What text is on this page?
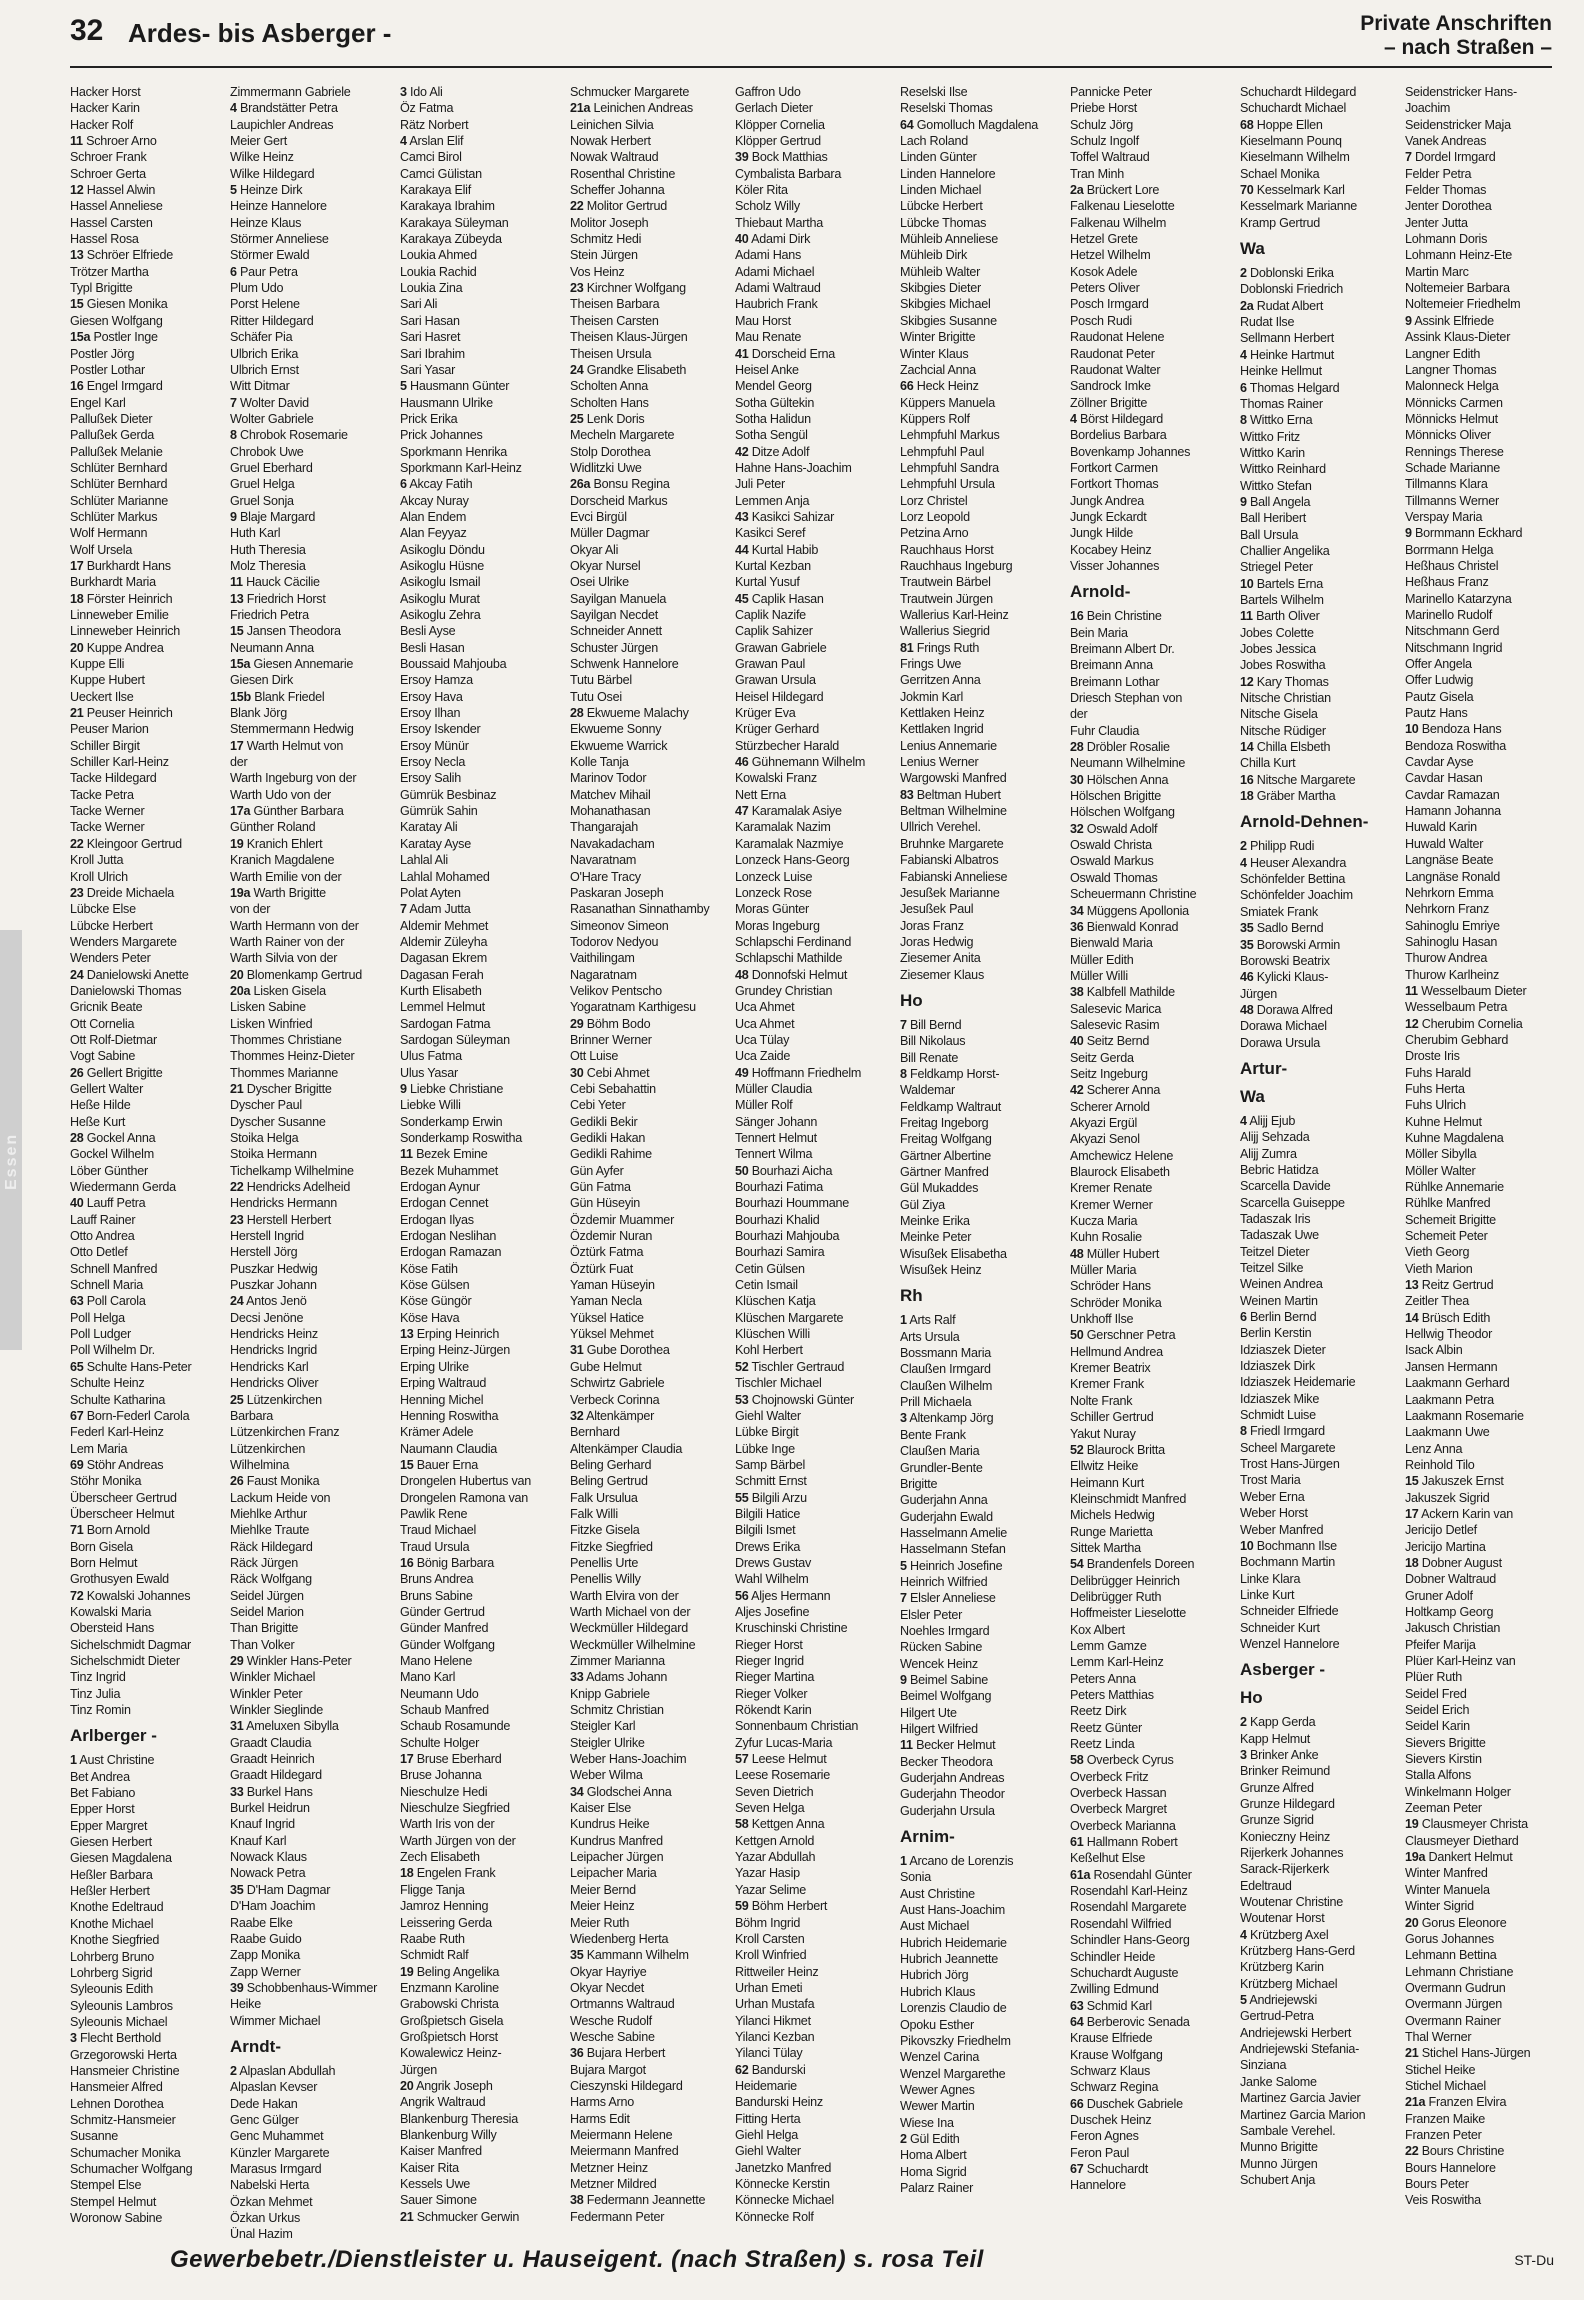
32 Ardes- bis Asberger -	Private Anschriften
– nach Straßen –
Essen
Hacker Horst
Hacker Karin
Hacker Rolf
11 Schroer Arno
Schroer Frank
Schroer Gerta
12 Hassel Alwin
Hassel Anneliese
Hassel Carsten
Hassel Rosa
13 Schröer Elfriede
Trötzer Martha
Typl Brigitte
15 Giesen Monika
Giesen Wolfgang
15a Postler Inge
Postler Jörg
Postler Lothar
16 Engel Irmgard
Engel Karl
Pallußek Dieter
Pallußek Gerda
Pallußek Melanie
Schlüter Bernhard
Schlüter Bernhard
Schlüter Marianne
Schlüter Markus
Wolf Hermann
Wolf Ursela
17 Burkhardt Hans
Burkhardt Maria
18 Förster Heinrich
Linneweber Emilie
Linneweber Heinrich
20 Kuppe Andrea
Kuppe Elli
Kuppe Hubert
Ueckert Ilse
21 Peuser Heinrich
Peuser Marion
Schiller Birgit
Schiller Karl-Heinz
Tacke Hildegard
Tacke Petra
Tacke Werner
Tacke Werner
22 Kleingoor Gertrud
Kroll Jutta
Kroll Ulrich
23 Dreide Michaela
Lübcke Else
Lübcke Herbert
Wenders Margarete
Wenders Peter
24 Danielowski Anette
Danielowski Thomas
Gricnik Beate
Ott Cornelia
Ott Rolf-Dietmar
Vogt Sabine
26 Gellert Brigitte
Gellert Walter
Heße Hilde
Heße Kurt
28 Gockel Anna
Gockel Wilhelm
Löber Günther
Wiedermann Gerda
40 Lauff Petra
Lauff Rainer
Otto Andrea
Otto Detlef
Schnell Manfred
Schnell Maria
63 Poll Carola
Poll Helga
Poll Ludger
Poll Wilhelm Dr.
65 Schulte Hans-Peter
Schulte Heinz
Schulte Katharina
67 Born-Federl Carola
Federl Karl-Heinz
Lem Maria
69 Stöhr Andreas
Stöhr Monika
Überscheer Gertrud
Überscheer Helmut
71 Born Arnold
Born Gisela
Born Helmut
Grothusyen Ewald
72 Kowalski Johannes
Kowalski Maria
Obersteid Hans
Sichelschmidt Dagmar
Sichelschmidt Dieter
Tinz Ingrid
Tinz Julia
Tinz Romin
Arlberger -
1 Aust Christine
Bet Andrea
Bet Fabiano
Epper Horst
Epper Margret
Giesen Herbert
Giesen Magdalena
Heßler Barbara
Heßler Herbert
Knothe Edeltraud
Knothe Michael
Knothe Siegfried
Lohrberg Bruno
Lohrberg Sigrid
Syleounis Edith
Syleounis Lambros
Syleounis Michael
3 Flecht Berthold
Grzegorowski Herta
Hansmeier Christine
Hansmeier Alfred
Lehnen Dorothea
Schmitz-Hansmeier
Susanne
Schumacher Monika
Schumacher Wolfgang
Stempel Else
Stempel Helmut
Woronow Sabine
Zimmermann Gabriele
4 Brandstätter Petra
Laupichler Andreas
Meier Gert
Wilke Heinz
Wilke Hildegard
5 Heinze Dirk
Heinze Hannelore
Heinze Klaus
Störmer Anneliese
Störmer Ewald
6 Paur Petra
Plum Udo
Porst Helene
Ritter Hildegard
Schäfer Pia
Ulbrich Erika
Ulbrich Ernst
Witt Ditmar
7 Wolter David
Wolter Gabriele
8 Chrobok Rosemarie
Chrobok Uwe
Gruel Eberhard
Gruel Helga
Gruel Sonja
9 Blaje Margard
Huth Karl
Huth Theresia
Molz Theresia
11 Hauck Cäcilie
13 Friedrich Horst
Friedrich Petra
15 Jansen Theodora
Neumann Anna
15a Giesen Annemarie
Giesen Dirk
15b Blank Friedel
Blank Jörg
Stemmermann Hedwig
17 Warth Helmut von
der
Warth Ingeburg von der
Warth Udo von der
17a Günther Barbara
Günther Roland
19 Kranich Ehlert
Kranich Magdalene
Warth Emilie von der
19a Warth Brigitte
von der
Warth Hermann von der
Warth Rainer von der
Warth Silvia von der
20 Blomenkamp Gertrud
20a Lisken Gisela
Lisken Sabine
Lisken Winfried
Thommes Christiane
Thommes Heinz-Dieter
Thommes Marianne
21 Dyscher Brigitte
Dyscher Paul
Dyscher Susanne
Stoika Helga
Stoika Hermann
Tichelkamp Wilhelmine
22 Hendricks Adelheid
Hendricks Hermann
23 Herstell Herbert
Herstell Ingrid
Herstell Jörg
Puszkar Hedwig
Puszkar Johann
24 Antos Jenö
Decsi Jenöne
Hendricks Heinz
Hendricks Ingrid
Hendricks Karl
Hendricks Oliver
25 Lützenkirchen
Barbara
Lützenkirchen Franz
Lützenkirchen
Wilhelmina
26 Faust Monika
Lackum Heide von
Miehlke Arthur
Miehlke Traute
Räck Hildegard
Räck Jürgen
Räck Wolfgang
Seidel Jürgen
Seidel Marion
Than Brigitte
Than Volker
29 Winkler Hans-Peter
Winkler Michael
Winkler Peter
Winkler Sieglinde
31 Ameluxen Sibylla
Graadt Claudia
Graadt Heinrich
Graadt Hildegard
33 Burkel Hans
Burkel Heidrun
Knauf Ingrid
Knauf Karl
Nowack Klaus
Nowack Petra
35 D'Ham Dagmar
D'Ham Joachim
Raabe Elke
Raabe Guido
Zapp Monika
Zapp Werner
39 Schobbenhaus-Wimmer
Heike
Wimmer Michael
Arndt-
2 Alpaslan Abdullah
Alpaslan Kevser
Dede Hakan
Genc Gülger
Genc Muhammet
Künzler Margarete
Marasus Irmgard
Nabelski Herta
Özkan Mehmet
Özkan Urkus
Ünal Hazim
3 Ido Ali
Öz Fatma
Rätz Norbert
4 Arslan Elif
Camci Birol
Camci Gülistan
Karakaya Elif
Karakaya Ibrahim
Karakaya Süleyman
Karakaya Zübeyda
Loukia Ahmed
Loukia Rachid
Loukia Zina
Sari Ali
Sari Hasan
Sari Hasret
Sari Ibrahim
Sari Yasar
5 Hausmann Günter
Hausmann Ulrike
Prick Erika
Prick Johannes
Sporkmann Henrika
Sporkmann Karl-Heinz
6 Akcay Fatih
Akcay Nuray
Alan Endem
Alan Feyyaz
Asikoglu Döndu
Asikoglu Hüsne
Asikoglu Ismail
Asikoglu Murat
Asikoglu Zehra
Besli Ayse
Besli Hasan
Boussaid Mahjouba
Ersoy Hamza
Ersoy Hava
Ersoy Ilhan
Ersoy Iskender
Ersoy Münür
Ersoy Necla
Ersoy Salih
Gümrük Besbinaz
Gümrük Sahin
Karatay Ali
Karatay Ayse
Lahlal Ali
Lahlal Mohamed
Polat Ayten
7 Adam Jutta
Aldemir Mehmet
Aldemir Züleyha
Dagasan Ekrem
Dagasan Ferah
Kurth Elisabeth
Lemmel Helmut
Sardogan Fatma
Sardogan Süleyman
Ulus Fatma
Ulus Yasar
9 Liebke Christiane
Liebke Willi
Sonderkamp Erwin
Sonderkamp Roswitha
11 Bezek Emine
Bezek Muhammet
Erdogan Aynur
Erdogan Cennet
Erdogan Ilyas
Erdogan Neslihan
Erdogan Ramazan
Köse Fatih
Köse Gülsen
Köse Güngör
Köse Hava
13 Erping Heinrich
Erping Heinz-Jürgen
Erping Ulrike
Erping Waltraud
Henning Michel
Henning Roswitha
Krämer Adele
Naumann Claudia
15 Bauer Erna
Drongelen Hubertus van
Drongelen Ramona van
Pawlik Rene
Traud Michael
Traud Ursula
16 Bönig Barbara
Bruns Andrea
Bruns Sabine
Günder Gertrud
Günder Manfred
Günder Wolfgang
Mano Helene
Mano Karl
Neumann Udo
Schaub Manfred
Schaub Rosamunde
Schulte Holger
17 Bruse Eberhard
Bruse Johanna
Nieschulze Hedi
Nieschulze Siegfried
Warth Iris von der
Warth Jürgen von der
Zech Elisabeth
18 Engelen Frank
Fligge Tanja
Jamroz Henning
Leissering Gerda
Raabe Ruth
Schmidt Ralf
19 Beling Angelika
Enzmann Karoline
Grabowski Christa
Großpietsch Gisela
Großpietsch Horst
Kowalewicz Heinz-
Jürgen
20 Angrik Joseph
Angrik Waltraud
Blankenburg Theresia
Blankenburg Willy
Kaiser Manfred
Kaiser Rita
Kessels Uwe
Sauer Simone
21 Schmucker Gerwin
Schmucker Margarete
21a Leinichen Andreas
Leinichen Silvia
Nowak Herbert
Nowak Waltraud
Rosenthal Christine
Scheffer Johanna
22 Molitor Gertrud
Molitor Joseph
Schmitz Hedi
Stein Jürgen
Vos Heinz
23 Kirchner Wolfgang
Theisen Barbara
Theisen Carsten
Theisen Klaus-Jürgen
Theisen Ursula
24 Grandke Elisabeth
Scholten Anna
Scholten Hans
25 Lenk Doris
Mecheln Margarete
Stolp Dorothea
Widlitzki Uwe
26a Bonsu Regina
Dorscheid Markus
Evci Birgül
Müller Dagmar
Okyar Ali
Okyar Nursel
Osei Ulrike
Sayilgan Manuela
Sayilgan Necdet
Schneider Annett
Schuster Jürgen
Schwenk Hannelore
Tutu Bärbel
Tutu Osei
28 Ekwueme Malachy
Ekwueme Sonny
Ekwueme Warrick
Kolle Tanja
Marinov Todor
Matchev Mihail
Mohanathasan
Thangarajah
Navakadacham
Navaratnam
O'Hare Tracy
Paskaran Joseph
Rasanathan Sinnathamby
Simeonov Simeon
Todorov Nedyou
Vaithilingam
Nagaratnam
Velikov Pentscho
Yogaratnam Karthigesu
29 Böhm Bodo
Brinner Werner
Ott Luise
30 Cebi Ahmet
Cebi Sebahattin
Cebi Yeter
Gedikli Bekir
Gedikli Hakan
Gedikli Rahime
Gün Ayfer
Gün Fatma
Gün Hüseyin
Özdemir Muammer
Özdemir Nuran
Öztürk Fatma
Öztürk Fuat
Yaman Hüseyin
Yaman Necla
Yüksel Hatice
Yüksel Mehmet
31 Gube Dorothea
Gube Helmut
Schwirtz Gabriele
Verbeck Corinna
32 Altenkämper
Bernhard
Altenkämper Claudia
Beling Gerhard
Beling Gertrud
Falk Ursulua
Falk Willi
Fitzke Gisela
Fitzke Siegfried
Penellis Urte
Penellis Willy
Warth Elvira von der
Warth Michael von der
Weckmüller Hildegard
Weckmüller Wilhelmine
Zimmer Marianna
33 Adams Johann
Knipp Gabriele
Schmitz Christian
Steigler Karl
Steigler Ulrike
Weber Hans-Joachim
Weber Wilma
34 Glodschei Anna
Kaiser Else
Kundrus Heike
Kundrus Manfred
Leipacher Jürgen
Leipacher Maria
Meier Bernd
Meier Heinz
Meier Ruth
Wiedenberg Herta
35 Kammann Wilhelm
Okyar Hayriye
Okyar Necdet
Ortmanns Waltraud
Wesche Rudolf
Wesche Sabine
36 Bujara Herbert
Bujara Margot
Cieszynski Hildegard
Harms Arno
Harms Edit
Meiermann Helene
Meiermann Manfred
Metzner Heinz
Metzner Mildred
38 Federmann Jeannette
Federmann Peter
Gaffron Udo
Gerlach Dieter
Klöpper Cornelia
Klöpper Gertrud
39 Bock Matthias
Cymbalista Barbara
Köler Rita
Scholz Willy
Thiebaut Martha
40 Adami Dirk
Adami Hans
Adami Michael
Adami Waltraud
Haubrich Frank
Mau Horst
Mau Renate
41 Dorscheid Erna
Heisel Anke
Mendel Georg
Sotha Gültekin
Sotha Halidun
Sotha Sengül
42 Ditze Adolf
Hahne Hans-Joachim
Juli Peter
Lemmen Anja
43 Kasikci Sahizar
Kasikci Seref
44 Kurtal Habib
Kurtal Kezban
Kurtal Yusuf
45 Caplik Hasan
Caplik Nazife
Caplik Sahizer
Grawan Gabriele
Grawan Paul
Grawan Ursula
Heisel Hildegard
Krüger Eva
Krüger Gerhard
Stürzbecher Harald
46 Gühnemann Wilhelm
Kowalski Franz
Nett Erna
47 Karamalak Asiye
Karamalak Nazim
Karamalak Nazmiye
Lonzeck Hans-Georg
Lonzeck Luise
Lonzeck Rose
Moras Günter
Moras Ingeburg
Schlapschi Ferdinand
Schlapschi Mathilde
48 Donnofski Helmut
Grundey Christian
Uca Ahmet
Uca Ahmet
Uca Tülay
Uca Zaide
49 Hoffmann Friedhelm
Müller Claudia
Müller Rolf
Sänger Johann
Tennert Helmut
Tennert Wilma
50 Bourhazi Aicha
Bourhazi Fatima
Bourhazi Hoummane
Bourhazi Khalid
Bourhazi Mahjouba
Bourhazi Samira
Cetin Gülsen
Cetin Ismail
Klüschen Katja
Klüschen Margarete
Klüschen Willi
Kohl Herbert
52 Tischler Gertraud
Tischler Michael
53 Chojnowski Günter
Giehl Walter
Lübke Birgit
Lübke Inge
Samp Bärbel
Schmitt Ernst
55 Bilgili Arzu
Bilgili Hatice
Bilgili Ismet
Drews Erika
Drews Gustav
Wahl Wilhelm
56 Aljes Hermann
Aljes Josefine
Kruschinski Christine
Rieger Horst
Rieger Ingrid
Rieger Martina
Rieger Volker
Rökendt Karin
Sonnenbaum Christian
Zyfur Lucas-Maria
57 Leese Helmut
Leese Rosemarie
Seven Dietrich
Seven Helga
58 Kettgen Anna
Kettgen Arnold
Yazar Abdullah
Yazar Hasip
Yazar Selime
59 Böhm Herbert
Böhm Ingrid
Kroll Carsten
Kroll Winfried
Rittweiler Heinz
Urhan Emeti
Urhan Mustafa
Yilanci Hikmet
Yilanci Kezban
Yilanci Tülay
62 Bandurski
Heidemarie
Bandurski Heinz
Fitting Herta
Giehl Helga
Giehl Walter
Janetzko Manfred
Könnecke Kerstin
Könnecke Michael
Könnecke Rolf
Reselski Ilse
Reselski Thomas
64 Gomolluch Magdalena
Lach Roland
Linden Günter
Linden Hannelore
Linden Michael
Lübcke Herbert
Lübcke Thomas
Mühleib Anneliese
Mühleib Dirk
Mühleib Walter
Skibgies Dieter
Skibgies Michael
Skibgies Susanne
Winter Brigitte
Winter Klaus
Zachcial Anna
66 Heck Heinz
Küppers Manuela
Küppers Rolf
Lehmpfuhl Markus
Lehmpfuhl Paul
Lehmpfuhl Sandra
Lehmpfuhl Ursula
Lorz Christel
Lorz Leopold
Petzina Arno
Rauchhaus Horst
Rauchhaus Ingeburg
Trautwein Bärbel
Trautwein Jürgen
Wallerius Karl-Heinz
Wallerius Siegrid
81 Frings Ruth
Frings Uwe
Gerritzen Anna
Jokmin Karl
Kettlaken Heinz
Kettlaken Ingrid
Lenius Annemarie
Lenius Werner
Wargowski Manfred
83 Beltman Hubert
Beltman Wilhelmine
Ullrich Verehel.
Bruhnke Margarete
Fabianski Albatros
Fabianski Anneliese
Jesußek Marianne
Jesußek Paul
Joras Franz
Joras Hedwig
Ziesemer Anita
Ziesemer Klaus
Ho
7 Bill Bernd
Bill Nikolaus
Bill Renate
8 Feldkamp Horst-
Waldemar
Feldkamp Waltraut
Freitag Ingeborg
Freitag Wolfgang
Gärtner Albertine
Gärtner Manfred
Gül Mukaddes
Gül Ziya
Meinke Erika
Meinke Peter
Wisußek Elisabetha
Wisußek Heinz
Rh
1 Arts Ralf
Arts Ursula
Bossmann Maria
Claußen Irmgard
Claußen Wilhelm
Prill Michaela
3 Altenkamp Jörg
Bente Frank
Claußen Maria
Grundler-Bente
Brigitte
Guderjahn Anna
Guderjahn Ewald
Hasselmann Amelie
Hasselmann Stefan
5 Heinrich Josefine
Heinrich Wilfried
7 Elsler Anneliese
Elsler Peter
Noehles Irmgard
Rücken Sabine
Wencek Heinz
9 Beimel Sabine
Beimel Wolfgang
Hilgert Ute
Hilgert Wilfried
11 Becker Helmut
Becker Theodora
Guderjahn Andreas
Guderjahn Theodor
Guderjahn Ursula
Arnim-
1 Arcano de Lorenzis
Sonia
Aust Christine
Aust Hans-Joachim
Aust Michael
Hubrich Heidemarie
Hubrich Jeannette
Hubrich Jörg
Hubrich Klaus
Lorenzis Claudio de
Opoku Esther
Pikovszky Friedhelm
Wenzel Carina
Wenzel Margarethe
Wewer Agnes
Wewer Martin
Wiese Ina
2 Gül Edith
Homa Albert
Homa Sigrid
Palarz Rainer
Pannicke Peter
Priebe Horst
Schulz Jörg
Schulz Ingolf
Toffel Waltraud
Tran Minh
2a Brückert Lore
Falkenau Lieselotte
Falkenau Wilhelm
Hetzel Grete
Hetzel Wilhelm
Kosok Adele
Peters Oliver
Posch Irmgard
Posch Rudi
Raudonat Helene
Raudonat Peter
Raudonat Walter
Sandrock Imke
Zöllner Brigitte
4 Börst Hildegard
Bordelius Barbara
Bovenkamp Johannes
Fortkort Carmen
Fortkort Thomas
Jungk Andrea
Jungk Eckardt
Jungk Hilde
Kocabey Heinz
Visser Johannes
Arnold-
16 Bein Christine
Bein Maria
Breimann Albert Dr.
Breimann Anna
Breimann Lothar
Driesch Stephan von
der
Fuhr Claudia
28 Dröbler Rosalie
Neumann Wilhelmine
30 Hölschen Anna
Hölschen Brigitte
Hölschen Wolfgang
32 Oswald Adolf
Oswald Christa
Oswald Markus
Oswald Thomas
Scheuermann Christine
34 Müggens Apollonia
36 Bienwald Konrad
Bienwald Maria
Müller Edith
Müller Willi
38 Kalbfell Mathilde
Salesevic Marica
Salesevic Rasim
40 Seitz Bernd
Seitz Gerda
Seitz Ingeburg
42 Scherer Anna
Scherer Arnold
Akyazi Ergül
Akyazi Senol
Amchewicz Helene
Blaurock Elisabeth
Kremer Renate
Kremer Werner
Kucza Maria
Kuhn Rosalie
48 Müller Hubert
Müller Maria
Schröder Hans
Schröder Monika
Unkhoff Ilse
50 Gerschner Petra
Hellmund Andrea
Kremer Beatrix
Kremer Frank
Nolte Frank
Schiller Gertrud
Yakut Nuray
52 Blaurock Britta
Ellwitz Heike
Heimann Kurt
Kleinschmidt Manfred
Michels Hedwig
Runge Marietta
Sittek Martha
54 Brandenfels Doreen
Delibrügger Heinrich
Delibrügger Ruth
Hoffmeister Lieselotte
Kox Albert
Lemm Gamze
Lemm Karl-Heinz
Peters Anna
Peters Matthias
Reetz Dirk
Reetz Günter
Reetz Linda
58 Overbeck Cyrus
Overbeck Fritz
Overbeck Hassan
Overbeck Margret
Overbeck Marianna
61 Hallmann Robert
Keßelhut Else
61a Rosendahl Günter
Rosendahl Karl-Heinz
Rosendahl Margarete
Rosendahl Wilfried
Schindler Hans-Georg
Schindler Heide
Schuchardt Auguste
Zwilling Edmund
63 Schmid Karl
64 Berberovic Senada
Krause Elfriede
Krause Wolfgang
Schwarz Klaus
Schwarz Regina
66 Duschek Gabriele
Duschek Heinz
Feron Agnes
Feron Paul
67 Schuchardt
Hannelore
Schuchardt Hildegard
Schuchardt Michael
68 Hoppe Ellen
Kieselmann Pounq
Kieselmann Wilhelm
Schael Monika
70 Kesselmark Karl
Kesselmark Marianne
Kramp Gertrud
Wa
2 Doblonski Erika
Doblonski Friedrich
2a Rudat Albert
Rudat Ilse
Sellmann Herbert
4 Heinke Hartmut
Heinke Hellmut
6 Thomas Helgard
Thomas Rainer
8 Wittko Erna
Wittko Fritz
Wittko Karin
Wittko Reinhard
Wittko Stefan
9 Ball Angela
Ball Heribert
Ball Ursula
Challier Angelika
Striegel Peter
10 Bartels Erna
Bartels Wilhelm
11 Barth Oliver
Jobes Colette
Jobes Jessica
Jobes Roswitha
12 Kary Thomas
Nitsche Christian
Nitsche Gisela
Nitsche Rüdiger
14 Chilla Elsbeth
Chilla Kurt
16 Nitsche Margarete
18 Gräber Martha
Arnold-Dehnen-
2 Philipp Rudi
4 Heuser Alexandra
Schönfelder Bettina
Schönfelder Joachim
Smiatek Frank
35 Sadlo Bernd
35 Borowski Armin
Borowski Beatrix
46 Kylicki Klaus-
Jürgen
48 Dorawa Alfred
Dorawa Michael
Dorawa Ursula
Artur-
Wa
4 Alijj Ejub
Alijj Sehzada
Alijj Zumra
Bebric Hatidza
Scarcella Davide
Scarcella Guiseppe
Tadaszak Iris
Tadaszak Uwe
Teitzel Dieter
Teitzel Silke
Weinen Andrea
Weinen Martin
6 Berlin Bernd
Berlin Kerstin
Idziaszek Dieter
Idziaszek Dirk
Idziaszek Heidemarie
Idziaszek Mike
Schmidt Luise
8 Friedl Irmgard
Scheel Margarete
Trost Hans-Jürgen
Trost Maria
Weber Erna
Weber Horst
Weber Manfred
10 Bochmann Ilse
Bochmann Martin
Linke Klara
Linke Kurt
Schneider Elfriede
Schneider Kurt
Wenzel Hannelore
Asberger -
Ho
2 Kapp Gerda
Kapp Helmut
3 Brinker Anke
Brinker Reimund
Grunze Alfred
Grunze Hildegard
Grunze Sigrid
Konieczny Heinz
Rijerkerk Johannes
Sarack-Rijerkerk
Edeltraud
Woutenar Christine
Woutenar Horst
4 Krützberg Axel
Krützberg Hans-Gerd
Krützberg Karin
Krützberg Michael
5 Andriejewski
Gertrud-Petra
Andriejewski Herbert
Andriejewski Stefania-
Sinziana
Janke Salome
Martinez Garcia Javier
Martinez Garcia Marion
Sambale Verehel.
Munno Brigitte
Munno Jürgen
Schubert Anja
Seidenstricker Hans-
Joachim
Seidenstricker Maja
Vanek Andreas
7 Dordel Irmgard
Felder Petra
Felder Thomas
Jenter Dorothea
Jenter Jutta
Lohmann Doris
Lohmann Heinz-Ete
Martin Marc
Noltemeier Barbara
Noltemeier Friedhelm
9 Assink Elfriede
Assink Klaus-Dieter
Langner Edith
Langner Thomas
Malonneck Helga
Mönnicks Carmen
Mönnicks Helmut
Mönnicks Oliver
Rennings Therese
Schade Marianne
Tillmanns Klara
Tillmanns Werner
Verspay Maria
9 Bormmann Eckhard
Borrmann Helga
Heßhaus Christel
Heßhaus Franz
Marinello Katarzyna
Marinello Rudolf
Nitschmann Gerd
Nitschmann Ingrid
Offer Angela
Offer Ludwig
Pautz Gisela
Pautz Hans
10 Bendoza Hans
Bendoza Roswitha
Cavdar Ayse
Cavdar Hasan
Cavdar Ramazan
Hamann Johanna
Huwald Karin
Huwald Walter
Langnäse Beate
Langnäse Ronald
Nehrkorn Emma
Nehrkorn Franz
Sahinoglu Emriye
Sahinoglu Hasan
Thurow Andrea
Thurow Karlheinz
11 Wesselbaum Dieter
Wesselbaum Petra
12 Cherubim Cornelia
Cherubim Gebhard
Droste Iris
Fuhs Harald
Fuhs Herta
Fuhs Ulrich
Kuhne Helmut
Kuhne Magdalena
Möller Sibylla
Möller Walter
Rühlke Annemarie
Rühlke Manfred
Schemeit Brigitte
Schemeit Peter
Vieth Georg
Vieth Marion
13 Reitz Gertrud
Zeitler Thea
14 Brüsch Edith
Hellwig Theodor
Isack Albin
Jansen Hermann
Laakmann Gerhard
Laakmann Petra
Laakmann Rosemarie
Laakmann Uwe
Lenz Anna
Reinhold Tilo
15 Jakuszek Ernst
Jakuszek Sigrid
17 Ackern Karin van
Jericijo Detlef
Jericijo Martina
18 Dobner August
Dobner Waltraud
Gruner Adolf
Holtkamp Georg
Jakusch Christian
Pfeifer Marija
Plüer Karl-Heinz van
Plüer Ruth
Seidel Fred
Seidel Erich
Seidel Karin
Sievers Brigitte
Sievers Kirstin
Stalla Alfons
Winkelmann Holger
Zeeman Peter
19 Clausmeyer Christa
Clausmeyer Diethard
19a Dankert Helmut
Winter Manfred
Winter Manuela
Winter Sigrid
20 Gorus Eleonore
Gorus Johannes
Lehmann Bettina
Lehmann Christiane
Overmann Gudrun
Overmann Jürgen
Overmann Rainer
Thal Werner
21 Stichel Hans-Jürgen
Stichel Heike
Stichel Michael
21a Franzen Elvira
Franzen Maike
Franzen Peter
22 Bours Christine
Bours Hannelore
Bours Peter
Veis Roswitha
Gewerbebetr./Dienstleister u. Hauseigent. (nach Straßen) s. rosa Teil	ST-Du
